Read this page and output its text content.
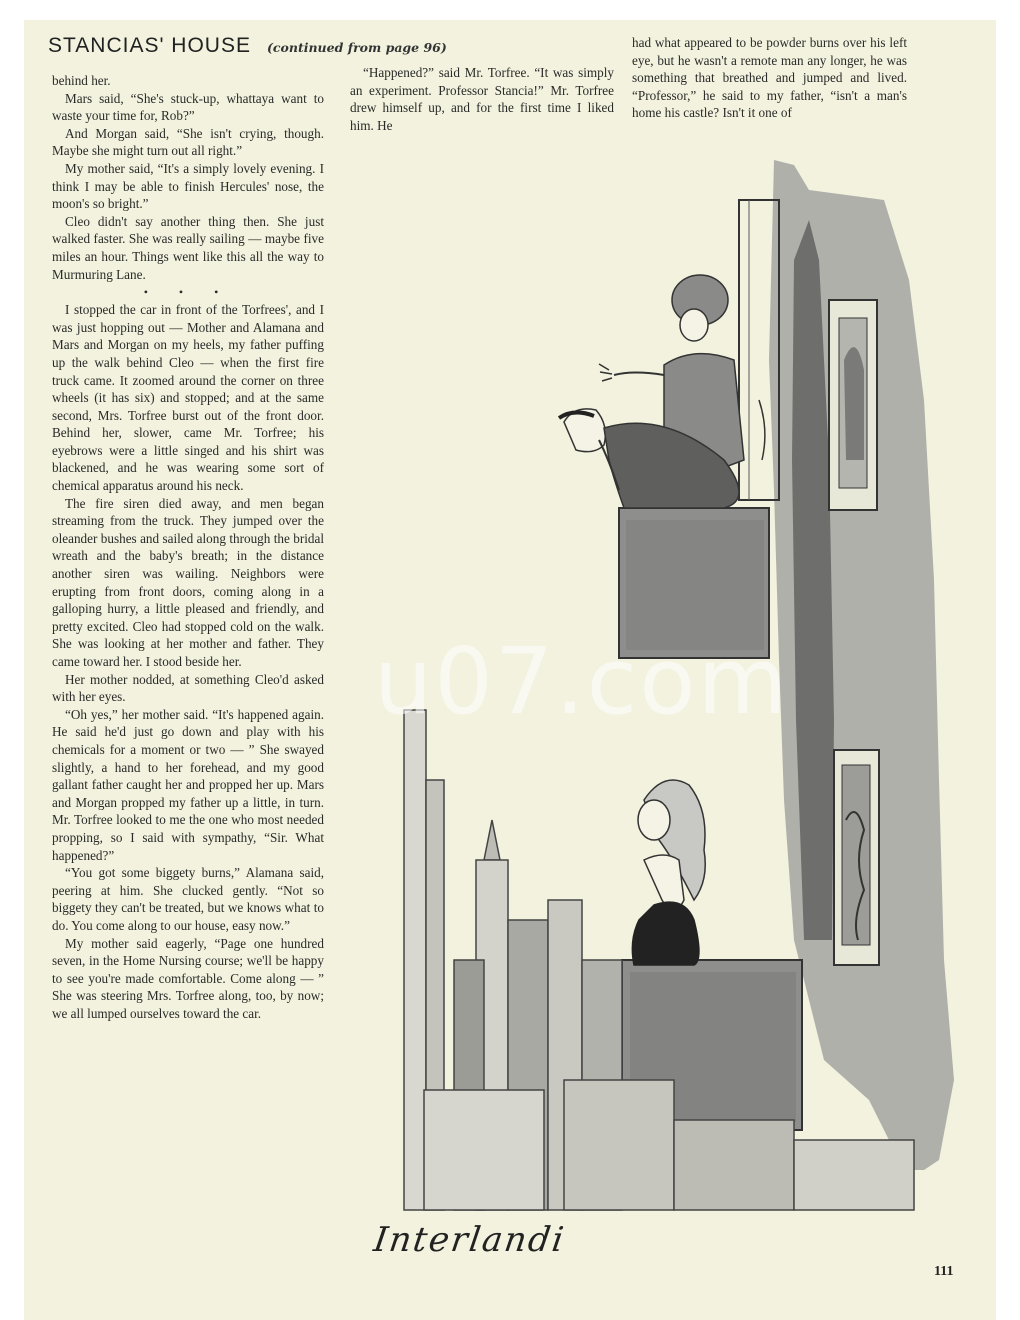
STANCIAS' HOUSE (continued from page 96)

behind her.

Mars said, “She's stuck-up, whattaya want to waste your time for, Rob?”

And Morgan said, “She isn't crying, though. Maybe she might turn out all right.”

My mother said, “It's a simply lovely evening. I think I may be able to finish Hercules' nose, the moon's so bright.”

Cleo didn't say another thing then. She just walked faster. She was really sailing — maybe five miles an hour. Things went like this all the way to Murmuring Lane.

• • •

I stopped the car in front of the Torfrees', and I was just hopping out — Mother and Alamana and Mars and Morgan on my heels, my father puffing up the walk behind Cleo — when the first fire truck came. It zoomed around the corner on three wheels (it has six) and stopped; and at the same second, Mrs. Torfree burst out of the front door. Behind her, slower, came Mr. Torfree; his eyebrows were a little singed and his shirt was blackened, and he was wearing some sort of chemical apparatus around his neck.

The fire siren died away, and men began streaming from the truck. They jumped over the oleander bushes and sailed along through the bridal wreath and the baby's breath; in the distance another siren was wailing. Neighbors were erupting from front doors, coming along in a galloping hurry, a little pleased and friendly, and pretty excited. Cleo had stopped cold on the walk. She was looking at her mother and father. They came toward her. I stood beside her.

Her mother nodded, at something Cleo'd asked with her eyes.

“Oh yes,” her mother said. “It's happened again. He said he'd just go down and play with his chemicals for a moment or two — ” She swayed slightly, a hand to her forehead, and my good gallant father caught her and propped her up. Mars and Morgan propped my father up a little, in turn. Mr. Torfree looked to me the one who most needed propping, so I said with sympathy, “Sir. What happened?”

“You got some biggety burns,” Alamana said, peering at him. She clucked gently. “Not so biggety they can't be treated, but we knows what to do. You come along to our house, easy now.”

My mother said eagerly, “Page one hundred seven, in the Home Nursing course; we'll be happy to see you're made comfortable. Come along — ” She was steering Mrs. Torfree along, too, by now; we all lumped ourselves toward the car.

“Happened?” said Mr. Torfree. “It was simply an experiment. Professor Stancia!” Mr. Torfree drew himself up, and for the first time I liked him. He

had what appeared to be powder burns over his left eye, but he wasn't a remote man any longer, he was something that breathed and jumped and lived. “Professor,” he said to my father, “isn't a man's home his castle? Isn't it one of

u07.com
Interlandi
111
